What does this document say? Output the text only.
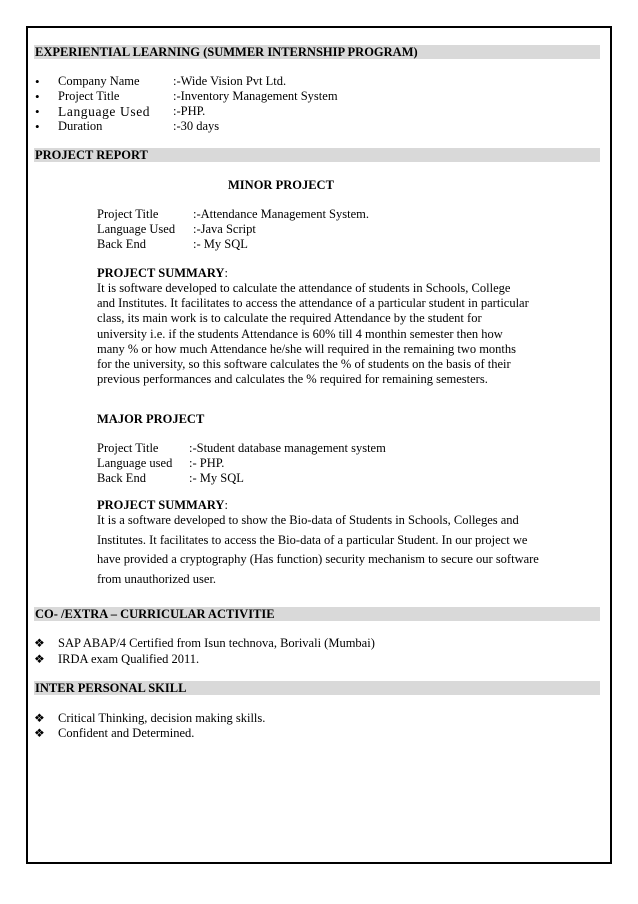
EXPERIENTIAL LEARNING (SUMMER INTERNSHIP PROGRAM)
• Company Name	:-Wide Vision Pvt Ltd.
• Project Title	:-Inventory Management System
• Language Used :-PHP.
• Duration	:-30 days
PROJECT REPORT
MINOR PROJECT
Project Title	:-Attendance Management System.
Language Used :-Java Script
Back End	:- My SQL
PROJECT SUMMARY:
It is software developed to calculate the attendance of students in Schools, College
and Institutes. It facilitates to access the attendance of a particular student in particular
class, its main work is to calculate the required Attendance by the student for
university i.e. if the students Attendance is 60% till 4 monthin semester then how
many % or how much Attendance he/she will required in the remaining two months
for the university, so this software calculates the % of students on the basis of their
previous performances and calculates the % required for remaining semesters.
MAJOR PROJECT
Project Title :-Student database management system
Language used :- PHP.
Back End	:- My SQL
PROJECT SUMMARY:
It is a software developed to show the Bio-data of Students in Schools, Colleges and
Institutes. It facilitates to access the Bio-data of a particular Student. In our project we
have provided a cryptography (Has function) security mechanism to secure our software
from unauthorized user.
CO- /EXTRA – CURRICULAR ACTIVITIE
❖ SAP ABAP/4 Certified from Isun technova, Borivali (Mumbai)
❖ IRDA exam Qualified 2011.
INTER PERSONAL SKILL
❖ Critical Thinking, decision making skills.
❖ Confident and Determined.
